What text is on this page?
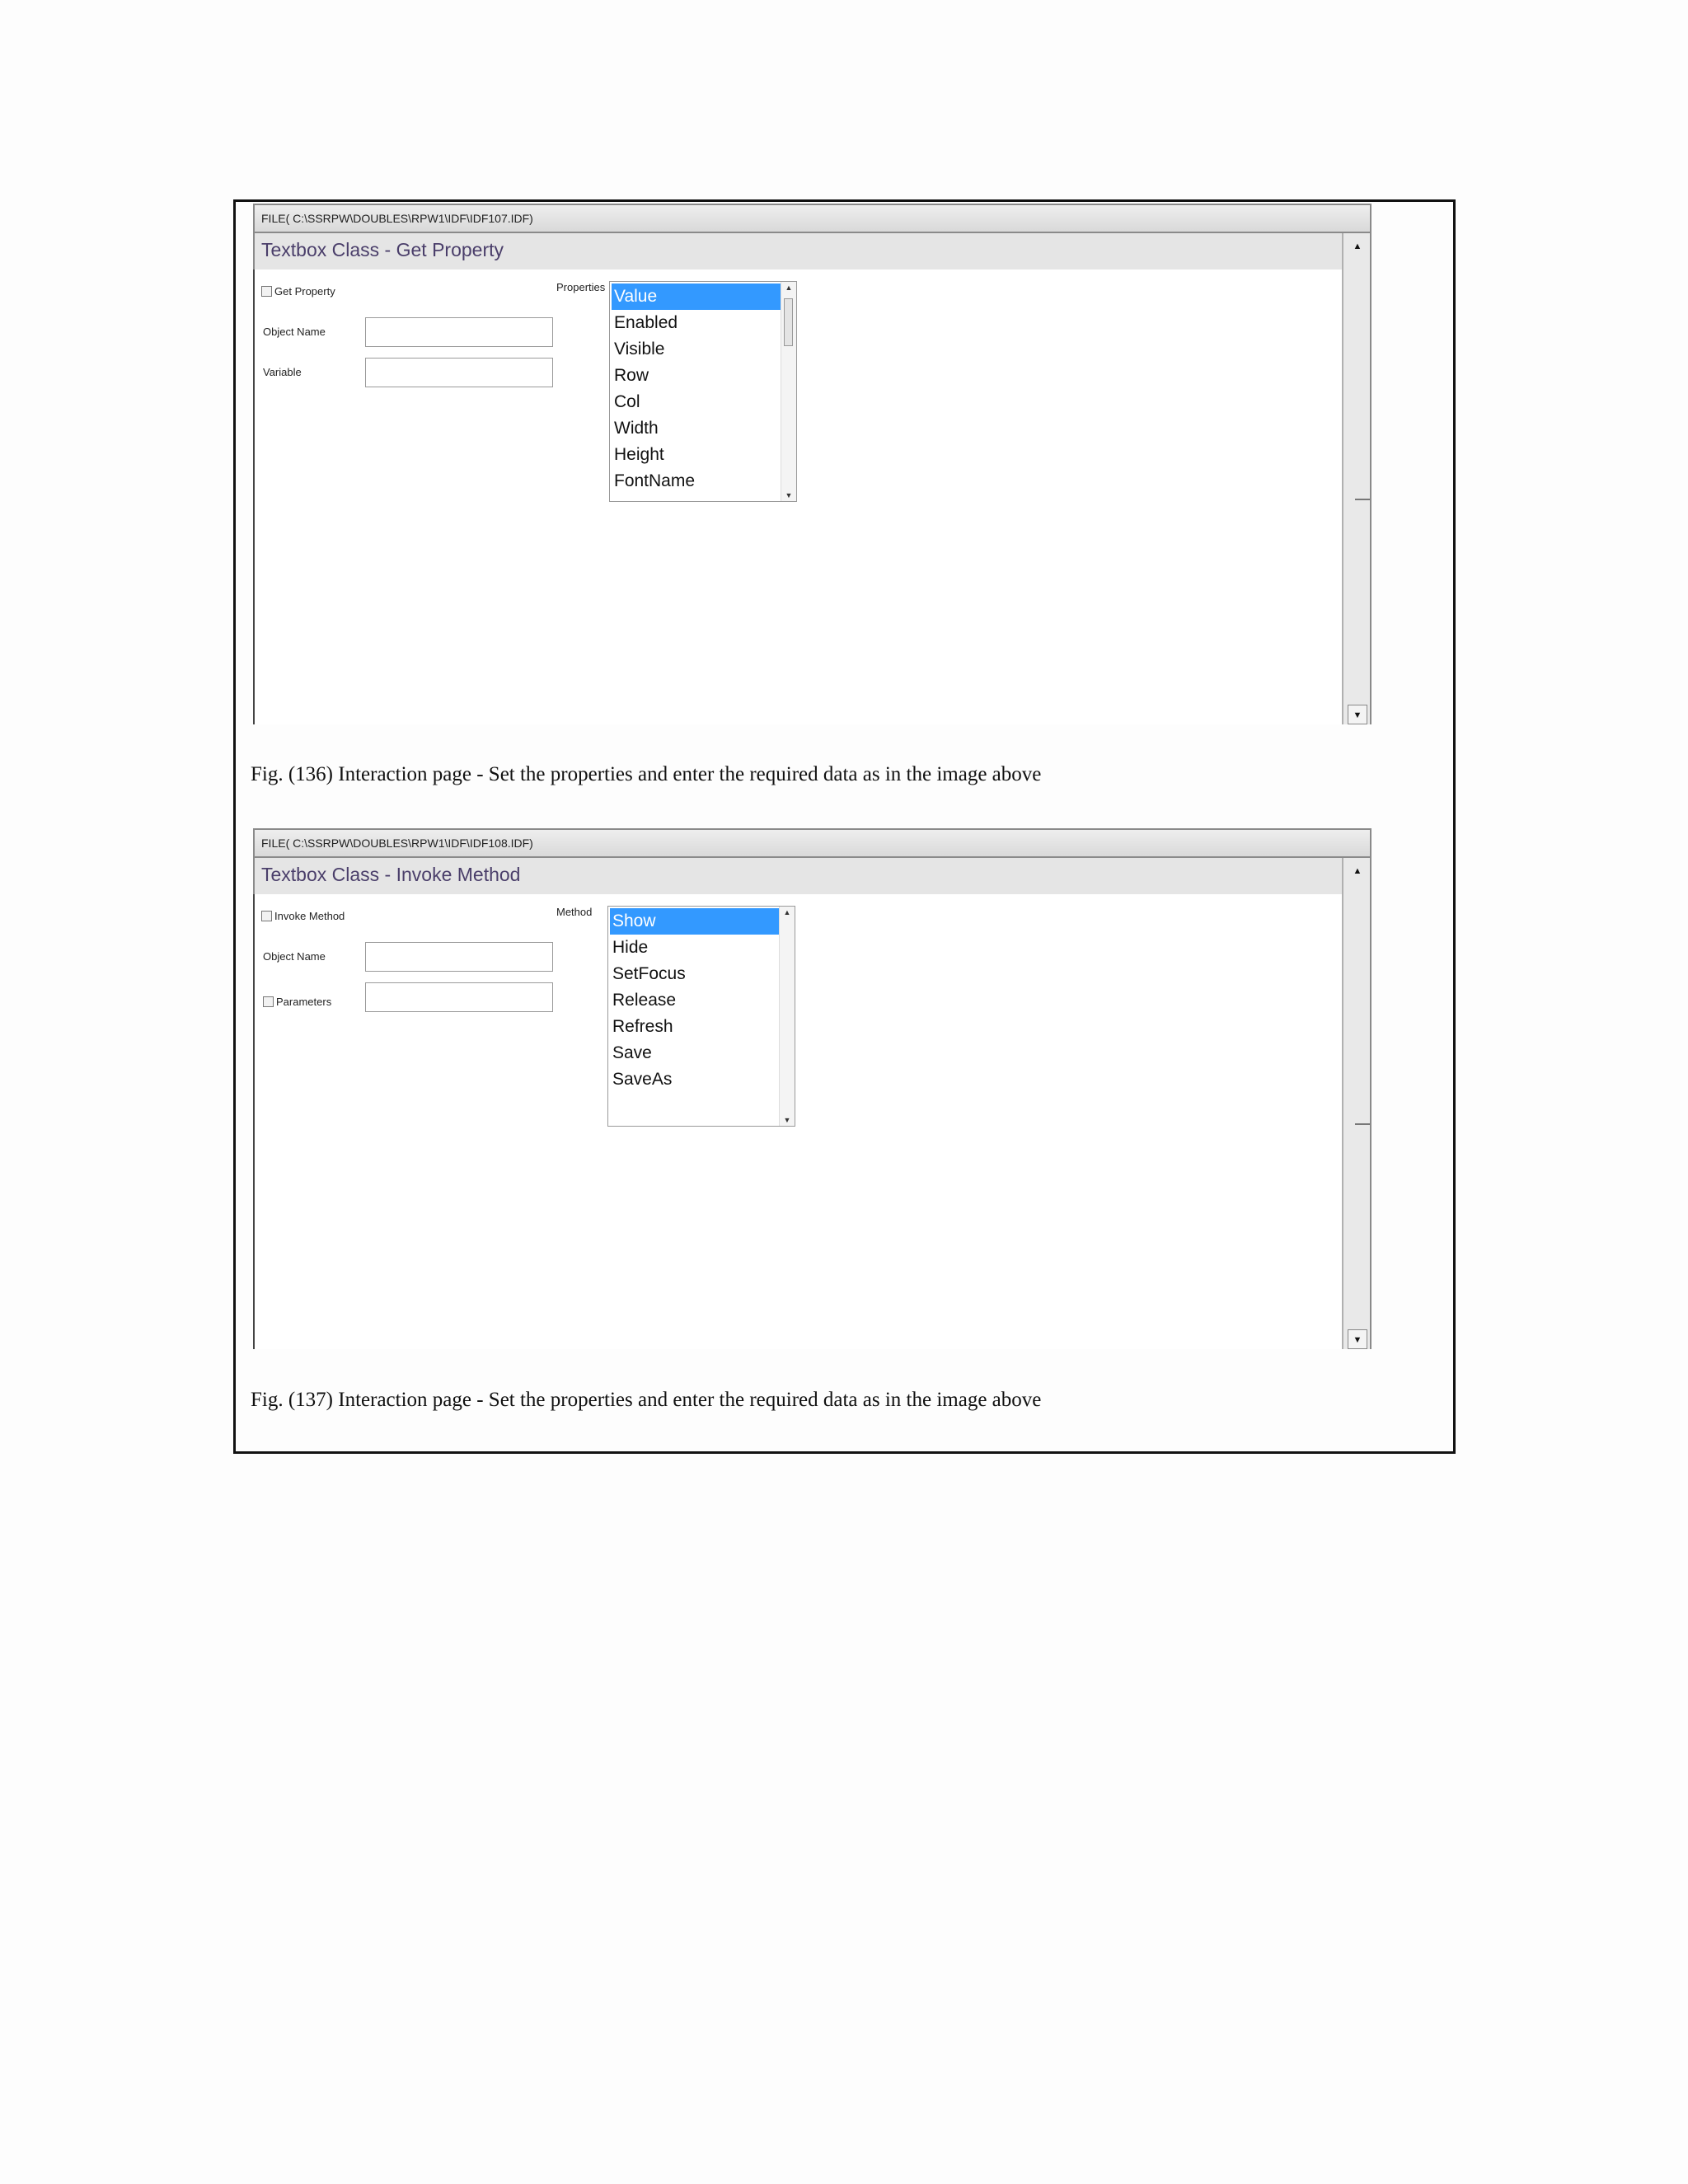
FILE( C:\SSRPW\DOUBLES\RPW1\IDF\IDF107.IDF)
Textbox Class - Get Property
Get Property
Object Name
Variable
Properties Value
Enabled
Visible
Row
Col
Width
Height
FontName
▲
▼
▲
▼
Fig. (136) Interaction page - Set the properties and enter the required data as in the image above
FILE( C:\SSRPW\DOUBLES\RPW1\IDF\IDF108.IDF)
Textbox Class - Invoke Method
Invoke Method
Object Name
Parameters
Method Show
Hide
SetFocus
Release
Refresh
Save
SaveAs
▲
▼
▲
▼
Fig. (137) Interaction page - Set the properties and enter the required data as in the image above
